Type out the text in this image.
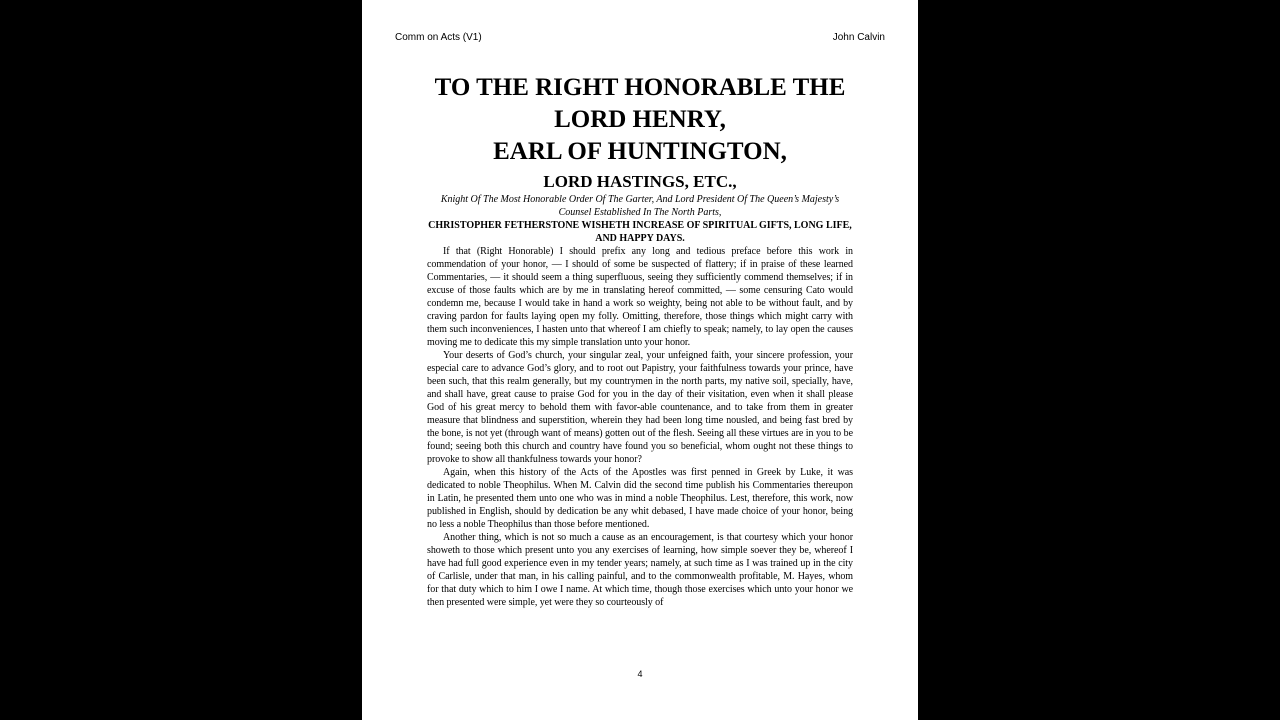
Comm on Acts (V1)	John Calvin
TO THE RIGHT HONORABLE THE
LORD HENRY,
EARL OF HUNTINGTON,
LORD HASTINGS, ETC.,

Knight Of The Most Honorable Order Of The Garter, And Lord President Of The Queen’s Majesty’s Counsel Established In The North Parts,

CHRISTOPHER FETHERSTONE WISHETH INCREASE OF SPIRITUAL GIFTS, LONG LIFE, AND HAPPY DAYS.

If that (Right Honorable) I should prefix any long and tedious preface before this work in commendation of your honor, — I should of some be suspected of flattery; if in praise of these learned Commentaries, — it should seem a thing superfluous, seeing they sufficiently commend themselves; if in excuse of those faults which are by me in translating hereof committed, — some censuring Cato would condemn me, because I would take in hand a work so weighty, being not able to be without fault, and by craving pardon for faults laying open my folly. Omitting, therefore, those things which might carry with them such inconveniences, I hasten unto that whereof I am chiefly to speak; namely, to lay open the causes moving me to dedicate this my simple translation unto your honor.

Your deserts of God’s church, your singular zeal, your unfeigned faith, your sincere profession, your especial care to advance God’s glory, and to root out Papistry, your faithfulness towards your prince, have been such, that this realm generally, but my countrymen in the north parts, my native soil, specially, have, and shall have, great cause to praise God for you in the day of their visitation, even when it shall please God of his great mercy to behold them with favor-able countenance, and to take from them in greater measure that blindness and superstition, wherein they had been long time nousled, and being fast bred by the bone, is not yet (through want of means) gotten out of the flesh. Seeing all these virtues are in you to be found; seeing both this church and country have found you so beneficial, whom ought not these things to provoke to show all thankfulness towards your honor?

Again, when this history of the Acts of the Apostles was first penned in Greek by Luke, it was dedicated to noble Theophilus. When M. Calvin did the second time publish his Commentaries thereupon in Latin, he presented them unto one who was in mind a noble Theophilus. Lest, therefore, this work, now published in English, should by dedication be any whit debased, I have made choice of your honor, being no less a noble Theophilus than those before mentioned.

Another thing, which is not so much a cause as an encouragement, is that courtesy which your honor showeth to those which present unto you any exercises of learning, how simple soever they be, whereof I have had full good experience even in my tender years; namely, at such time as I was trained up in the city of Carlisle, under that man, in his calling painful, and to the commonwealth profitable, M. Hayes, whom for that duty which to him I owe I name. At which time, though those exercises which unto your honor we then presented were simple, yet were they so courteously of

4
